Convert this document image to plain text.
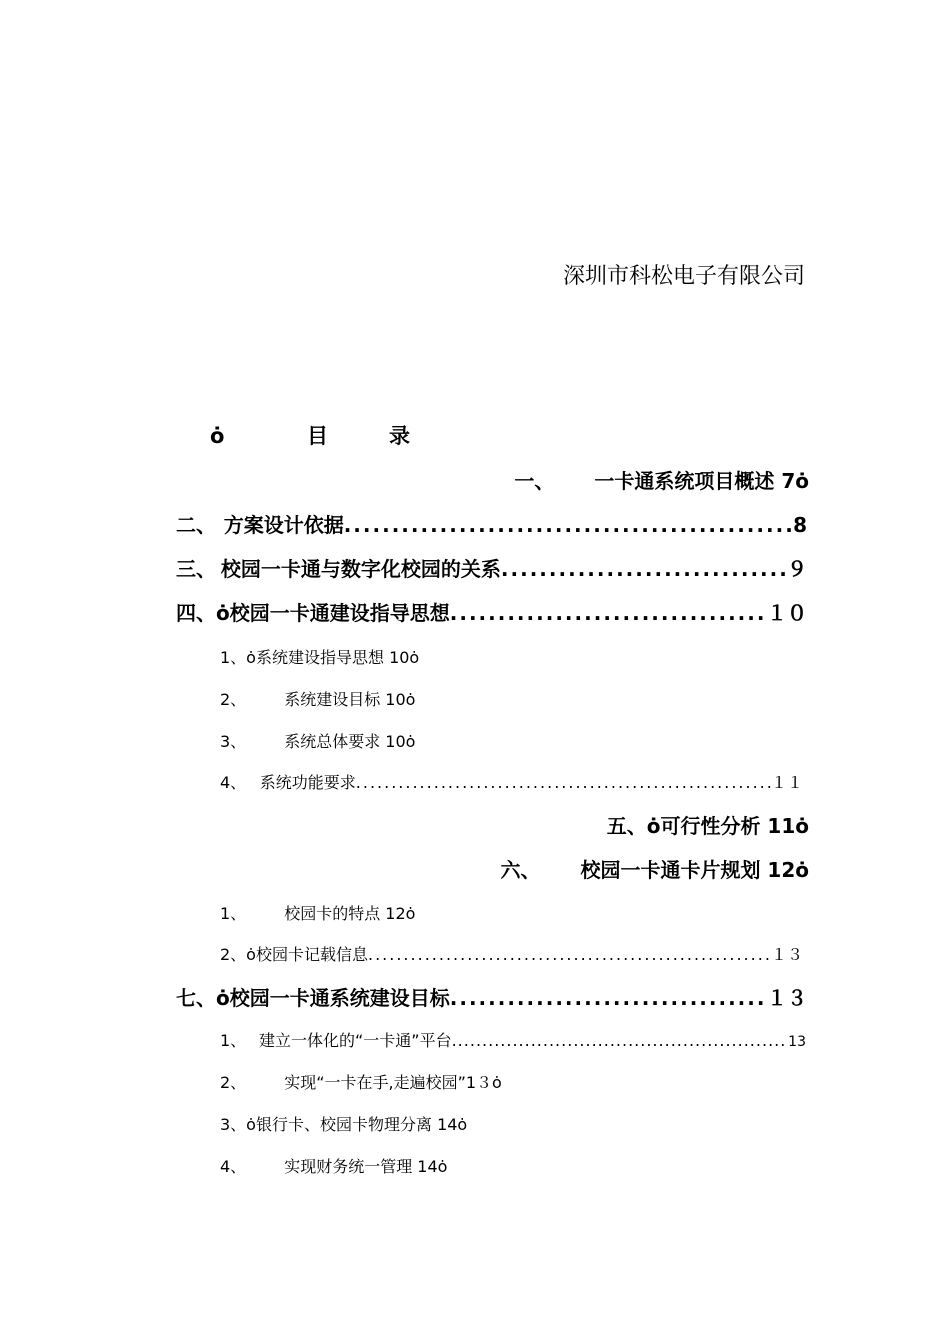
深圳市科松电子有限公司
ȯ	目	录
一、 一卡通系统项目概述 7ȯ
二、 方案设计依据 .....	8
三、 校园一卡通与数字化校园的关系 .....	９
四、ȯ 校园一卡通建设指导思想 .....	１０
1、ȯ系统建设指导思想 10ȯ
2、 系统建设目标 10ȯ
3、 系统总体要求 10ȯ
4、 系统功能要求 .....	１１
五、ȯ可行性分析 11ȯ
六、 校园一卡通卡片规划 12ȯ
1、 校园卡的特点 12ȯ
2、ȯ 校园卡记载信息 .....	１３
七、ȯ 校园一卡通系统建设目标 .....	１３
1、 建立一体化的“一卡通”平台 .....	13
2、 实现“一卡在手,走遍校园”1３ȯ
3、ȯ银行卡、校园卡物理分离 14ȯ
4、 实现财务统一管理 14ȯ
